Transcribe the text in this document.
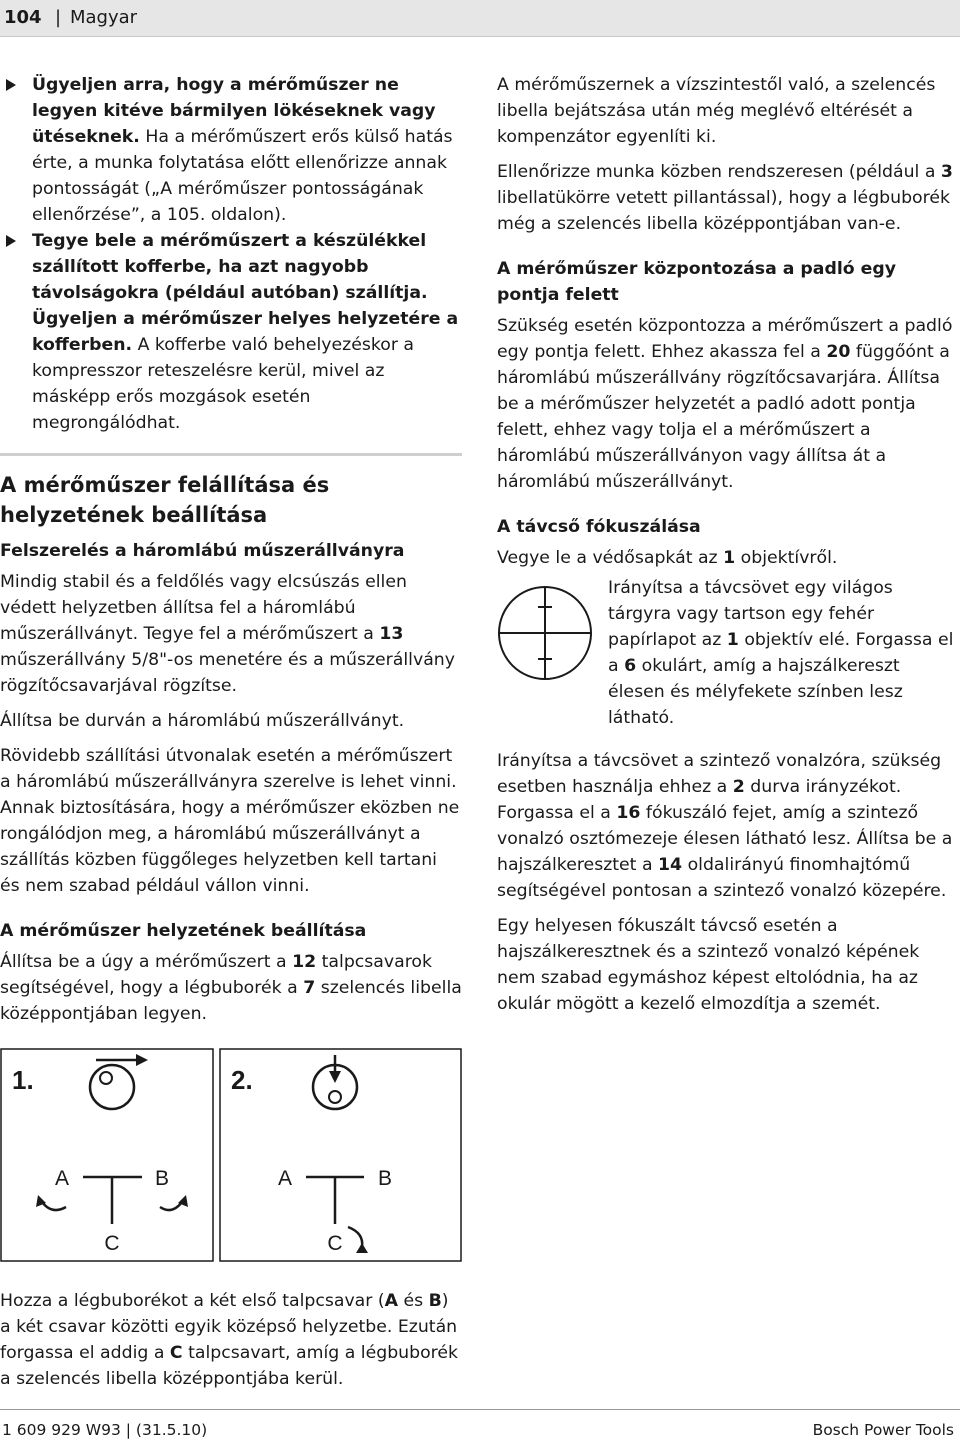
104 | Magyar

Ügyeljen arra, hogy a mérőműszer ne legyen kitéve bármilyen lökéseknek vagy ütéseknek. Ha a mérőműszert erős külső hatás érte, a munka folytatása előtt ellenőrizze annak pontosságát („A mérőműszer pontosságának ellenőrzése”, a 105. oldalon).

Tegye bele a mérőműszert a készülékkel szállított kofferbe, ha azt nagyobb távolságokra (például autóban) szállítja. Ügyeljen a mérőműszer helyes helyzetére a kofferben. A kofferbe való behelyezéskor a kompresszor reteszelésre kerül, mivel az másképp erős mozgások esetén megrongálódhat.

A mérőműszer felállítása és helyzetének beállítása
Felszerelés a háromlábú műszerállványra

Mindig stabil és a feldőlés vagy elcsúszás ellen védett helyzetben állítsa fel a háromlábú műszerállványt. Tegye fel a mérőműszert a 13 műszerállvány 5/8"-os menetére és a műszerállvány rögzítőcsavarjával rögzítse.

Állítsa be durván a háromlábú műszerállványt.

Rövidebb szállítási útvonalak esetén a mérőműszert a háromlábú műszerállványra szerelve is lehet vinni. Annak biztosítására, hogy a mérőműszer eközben ne rongálódjon meg, a háromlábú műszerállványt a szállítás közben függőleges helyzetben kell tartani és nem szabad például vállon vinni.

A mérőműszer helyzetének beállítása

Állítsa be a úgy a mérőműszert a 12 talpcsavarok segítségével, hogy a légbuborék a 7 szelencés libella középpontjában legyen.

1.	2.
A	B
C
A	B
C

Hozza a légbuborékot a két első talpcsavar (A és B) a két csavar közötti egyik középső helyzetbe. Ezután forgassa el addig a C talpcsavart, amíg a légbuborék a szelencés libella középpontjába kerül.

A mérőműszernek a vízszintestől való, a szelencés libella bejátszása után még meglévő eltérését a kompenzátor egyenlíti ki.

Ellenőrizze munka közben rendszeresen (például a 3 libellatükörre vetett pillantással), hogy a légbuborék még a szelencés libella középpontjában van-e.

A mérőműszer központozása a padló egy pontja felett

Szükség esetén központozza a mérőműszert a padló egy pontja felett. Ehhez akassza fel a 20 függőónt a háromlábú műszerállvány rögzítőcsavarjára. Állítsa be a mérőműszer helyzetét a padló adott pontja felett, ehhez vagy tolja el a mérőműszert a háromlábú műszerállványon vagy állítsa át a háromlábú műszerállványt.

A távcső fókuszálása

Vegye le a védősapkát az 1 objektívről.

Irányítsa a távcsövet egy világos tárgyra vagy tartson egy fehér papírlapot az 1 objektív elé. Forgassa el a 6 okulárt, amíg a hajszálkereszt élesen és mélyfekete színben lesz látható.

Irányítsa a távcsövet a szintező vonalzóra, szükség esetben használja ehhez a 2 durva irányzékot. Forgassa el a 16 fókuszáló fejet, amíg a szintező vonalzó osztómezeje élesen látható lesz. Állítsa be a hajszálkeresztet a 14 oldalirányú finomhajtómű segítségével pontosan a szintező vonalzó közepére.

Egy helyesen fókuszált távcső esetén a hajszálkeresztnek és a szintező vonalzó képének nem szabad egymáshoz képest eltolódnia, ha az okulár mögött a kezelő elmozdítja a szemét.

1 609 929 W93 | (31.5.10)	Bosch Power Tools
